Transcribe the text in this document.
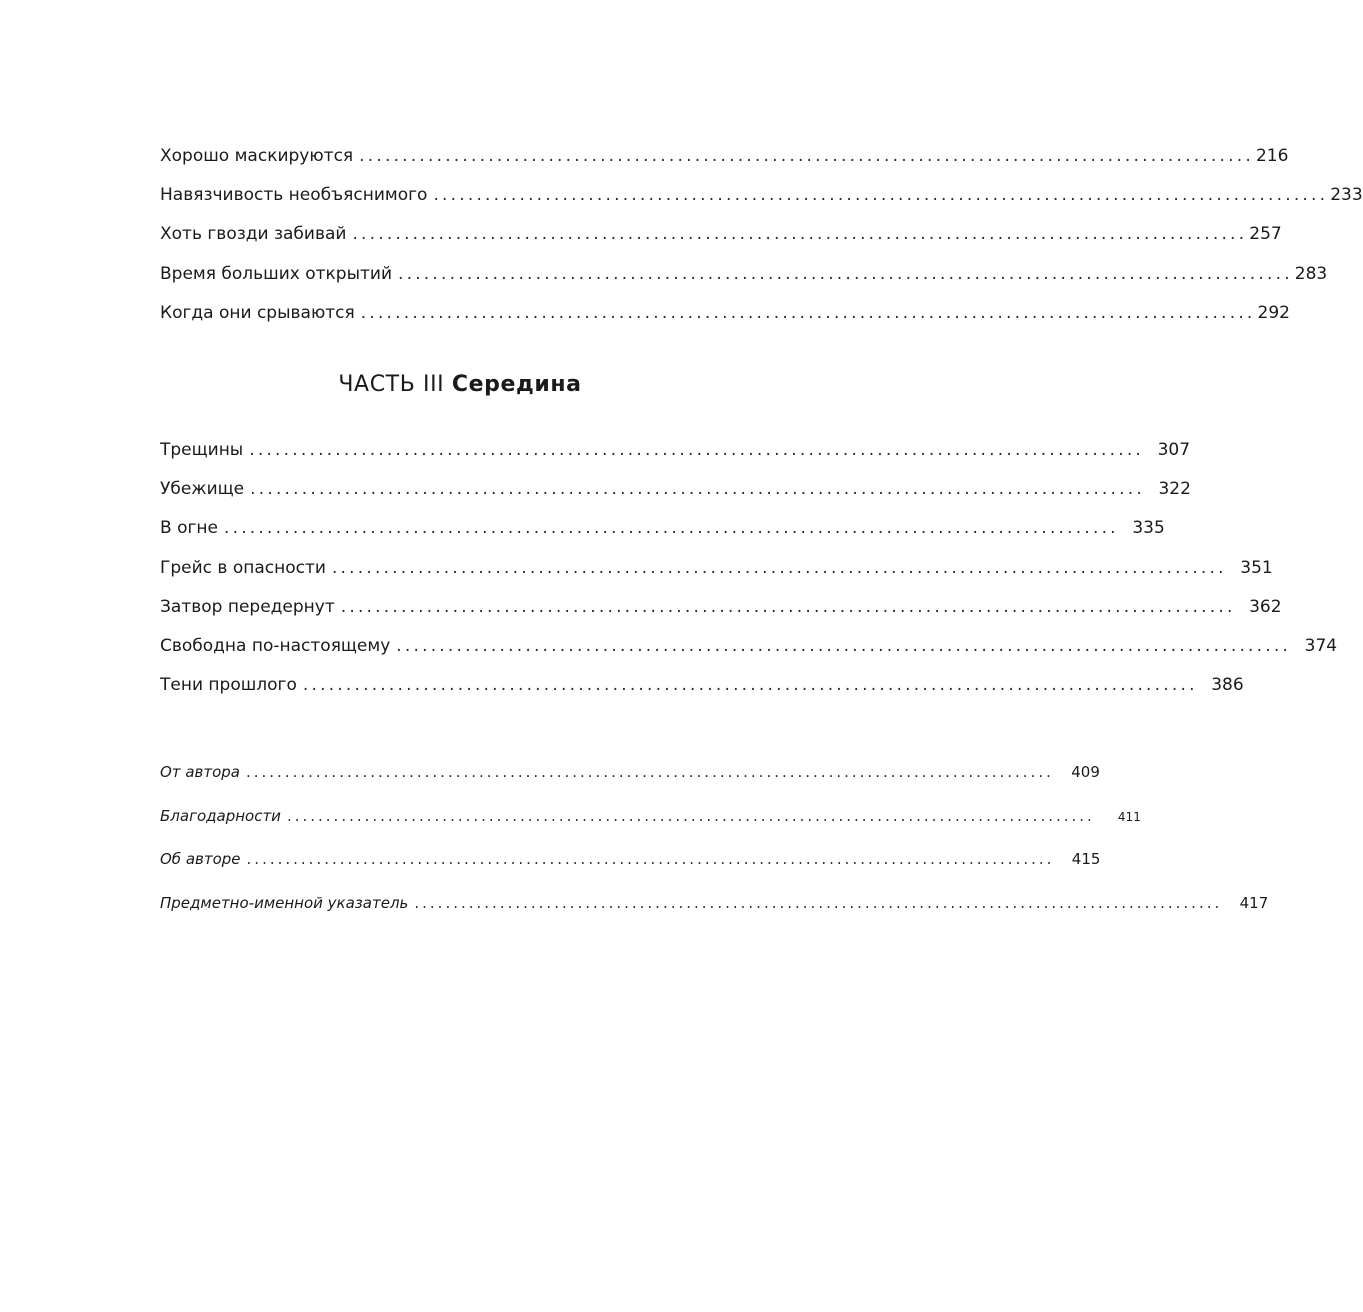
Хорошо маскируются ........................................................................................................ 216
Навязчивость необъяснимого ........................................................................................................ 233
Хоть гвозди забивай ........................................................................................................ 257
Время больших открытий ........................................................................................................ 283
Когда они срываются ........................................................................................................ 292
ЧАСТЬ III Середина
Трещины ........................................................................................................ 307
Убежище ........................................................................................................ 322
В огне ........................................................................................................ 335
Грейс в опасности ........................................................................................................ 351
Затвор передернут ........................................................................................................ 362
Свободна по-настоящему ........................................................................................................ 374
Тени прошлого ........................................................................................................ 386
От автора ........................................................................................................	409
Благодарности ........................................................................................................	411
Об авторе ........................................................................................................	415
Предметно-именной указатель ........................................................................................................	417
